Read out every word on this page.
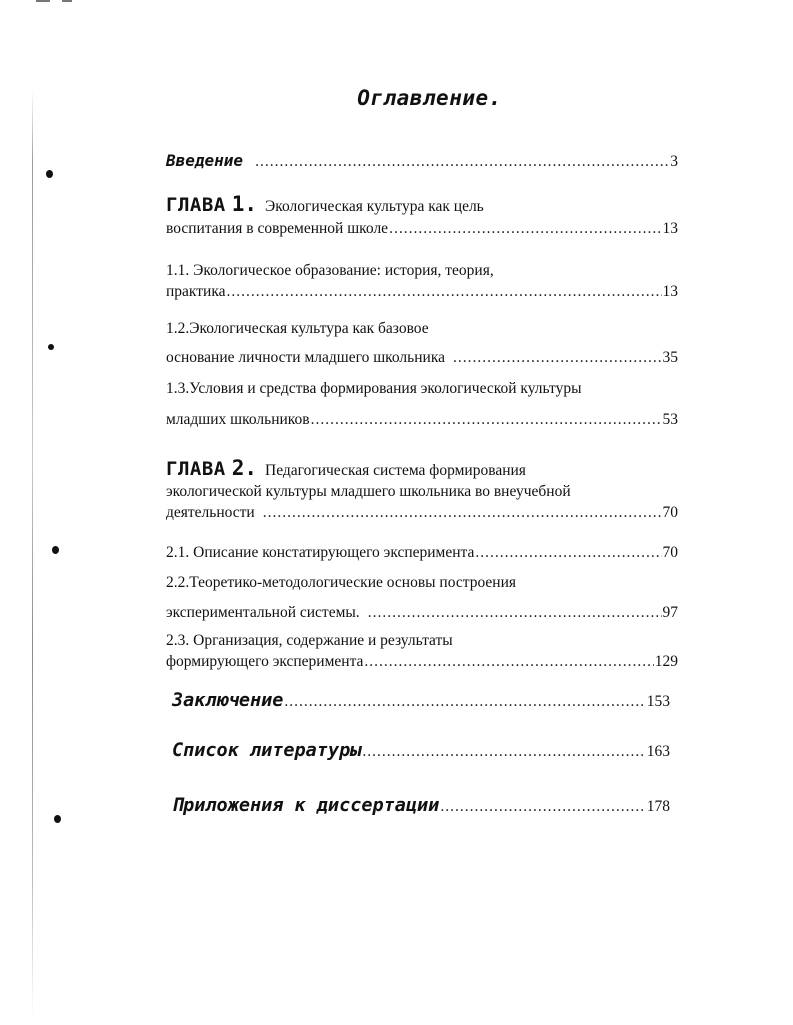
Оглавление.
Введение .....	3
ГЛАВА 1. Экологическая культура как цель
воспитания в современной школе .....	13
1.1. Экологическое образование: история, теория,
практика .....	13
1.2.Экологическая культура как базовое
основание личности младшего школьника .....	35
1.3.Условия и средства формирования экологической культуры
младших школьников .....	53
ГЛАВА 2. Педагогическая система формирования
экологической культуры младшего школьника во внеучебной
деятельности .....	70
2.1. Описание констатирующего эксперимента .....	70
2.2.Теоретико-методологические основы построения
экспериментальной системы. .....	97
2.3. Организация, содержание и результаты
формирующего эксперимента .....	129
Заключение .....	153
Список литературы .....	163
Приложения к диссертации .....	178
